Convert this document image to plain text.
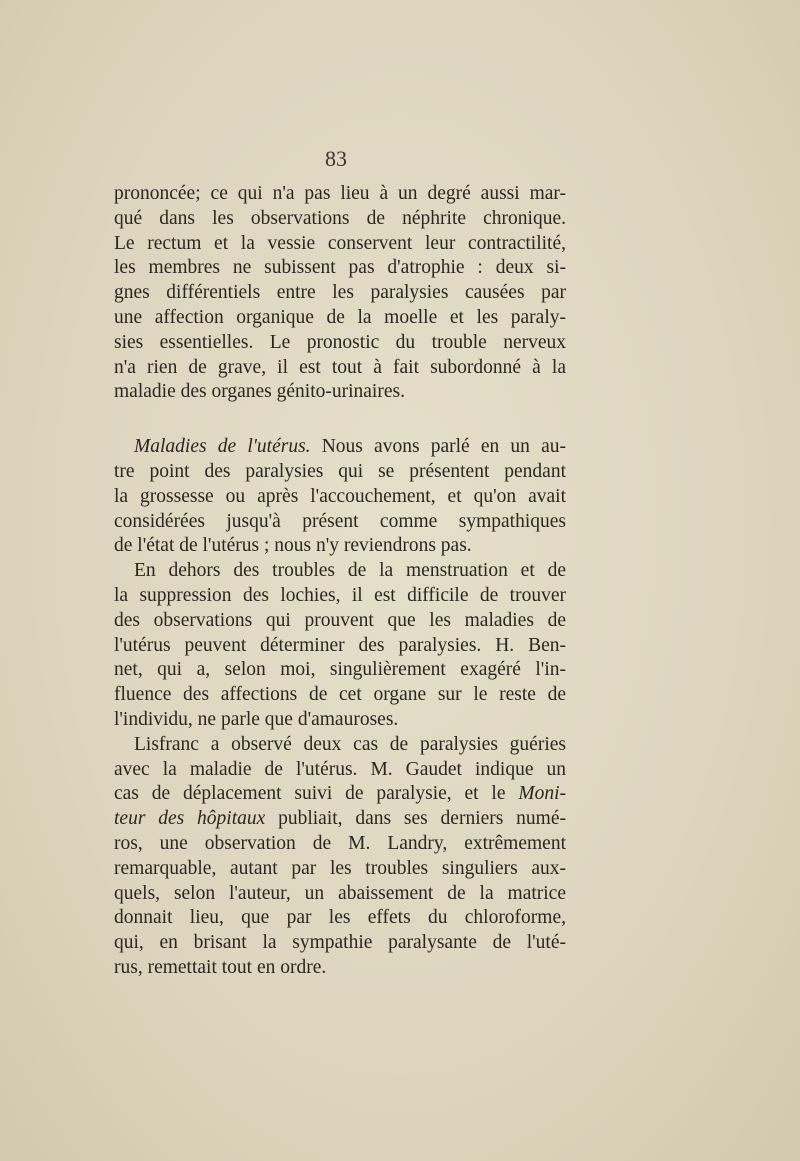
83
prononcée; ce qui n'a pas lieu à un degré aussi mar-
qué dans les observations de néphrite chronique.
Le rectum et la vessie conservent leur contractilité,
les membres ne subissent pas d'atrophie : deux si-
gnes différentiels entre les paralysies causées par
une affection organique de la moelle et les paraly-
sies essentielles. Le pronostic du trouble nerveux
n'a rien de grave, il est tout à fait subordonné à la
maladie des organes génito-urinaires.
Maladies de l'utérus. Nous avons parlé en un au-
tre point des paralysies qui se présentent pendant
la grossesse ou après l'accouchement, et qu'on avait
considérées jusqu'à présent comme sympathiques
de l'état de l'utérus ; nous n'y reviendrons pas.
En dehors des troubles de la menstruation et de
la suppression des lochies, il est difficile de trouver
des observations qui prouvent que les maladies de
l'utérus peuvent déterminer des paralysies. H. Ben-
net, qui a, selon moi, singulièrement exagéré l'in-
fluence des affections de cet organe sur le reste de
l'individu, ne parle que d'amauroses.
Lisfranc a observé deux cas de paralysies guéries
avec la maladie de l'utérus. M. Gaudet indique un
cas de déplacement suivi de paralysie, et le Moni-
teur des hôpitaux publiait, dans ses derniers numé-
ros, une observation de M. Landry, extrêmement
remarquable, autant par les troubles singuliers aux-
quels, selon l'auteur, un abaissement de la matrice
donnait lieu, que par les effets du chloroforme,
qui, en brisant la sympathie paralysante de l'uté-
rus, remettait tout en ordre.
